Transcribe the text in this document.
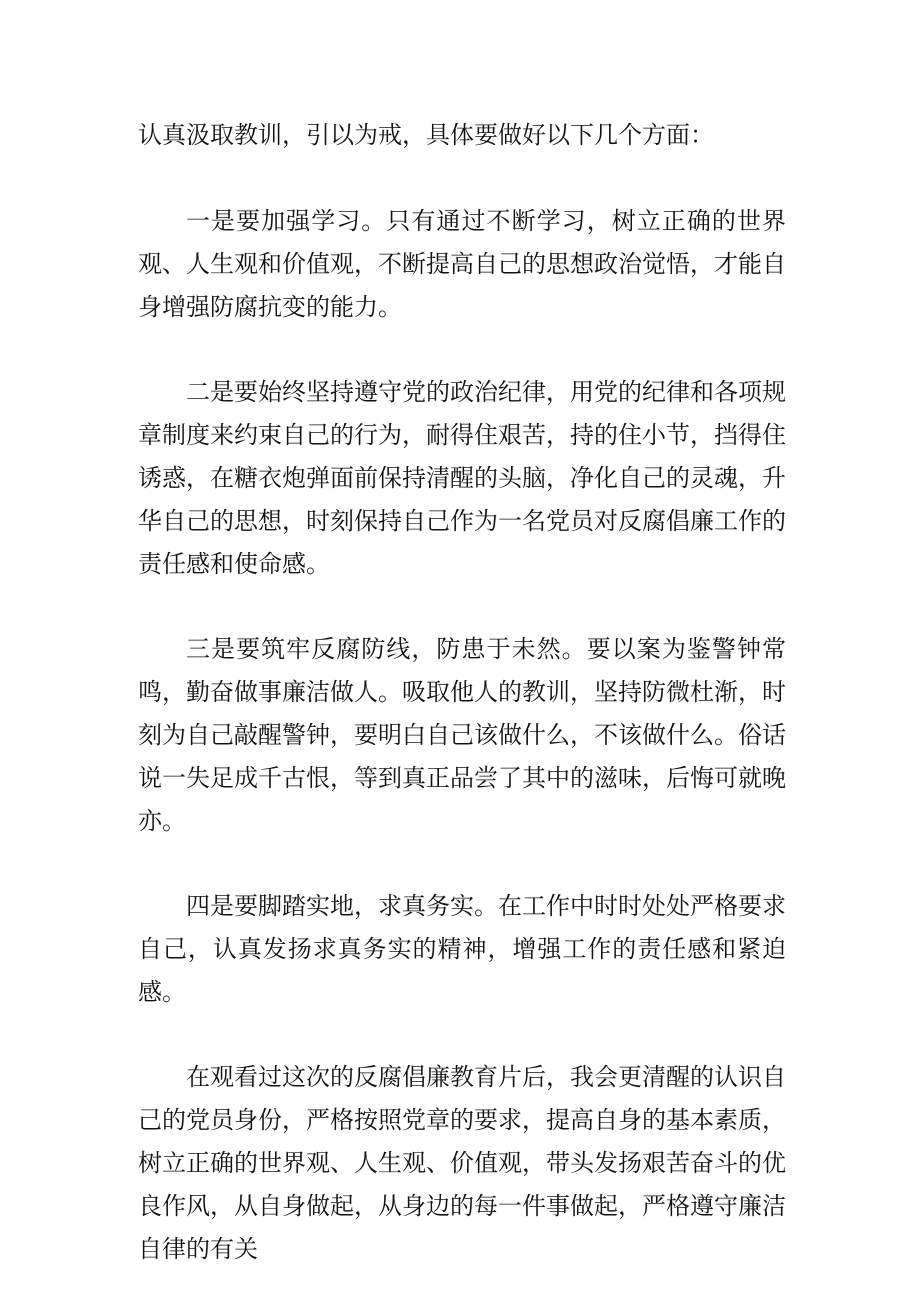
认真汲取教训，引以为戒，具体要做好以下几个方面：

一是要加强学习。只有通过不断学习，树立正确的世界观、人生观和价值观，不断提高自己的思想政治觉悟，才能自身增强防腐抗变的能力。

二是要始终坚持遵守党的政治纪律，用党的纪律和各项规章制度来约束自己的行为，耐得住艰苦，持的住小节，挡得住诱惑，在糖衣炮弹面前保持清醒的头脑，净化自己的灵魂，升华自己的思想，时刻保持自己作为一名党员对反腐倡廉工作的责任感和使命感。

三是要筑牢反腐防线，防患于未然。要以案为鉴警钟常鸣，勤奋做事廉洁做人。吸取他人的教训，坚持防微杜渐，时刻为自己敲醒警钟，要明白自己该做什么，不该做什么。俗话说一失足成千古恨，等到真正品尝了其中的滋味，后悔可就晚亦。

四是要脚踏实地，求真务实。在工作中时时处处严格要求自己，认真发扬求真务实的精神，增强工作的责任感和紧迫感。

在观看过这次的反腐倡廉教育片后，我会更清醒的认识自己的党员身份，严格按照党章的要求，提高自身的基本素质，树立正确的世界观、人生观、价值观，带头发扬艰苦奋斗的优良作风，从自身做起，从身边的每一件事做起，严格遵守廉洁自律的有关
